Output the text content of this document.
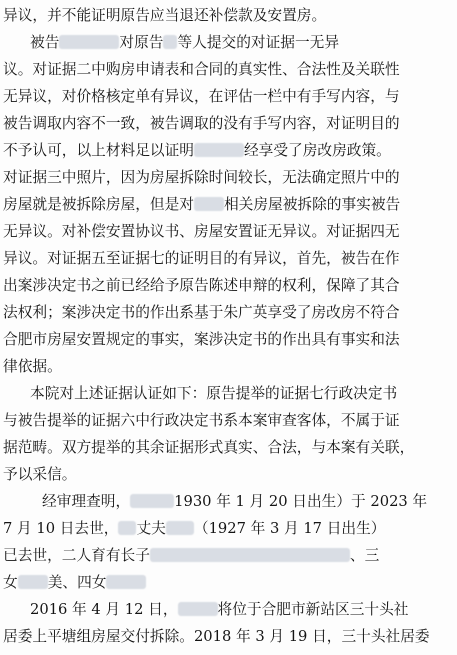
异议，并不能证明原告应当退还补偿款及安置房。
被告	对原告 等人提交的对证据一无异
议。对证据二中购房申请表和合同的真实性、合法性及关联性
无异议，对价格核定单有异议，在评估一栏中有手写内容，与
被告调取内容不一致，被告调取的没有手写内容，对证明目的
不予认可，以上材料足以证明	经享受了房改房政策。
对证据三中照片，因为房屋拆除时间较长，无法确定照片中的
房屋就是被拆除房屋，但是对 相关房屋被拆除的事实被告
无异议。对补偿安置协议书、房屋安置证无异议。对证据四无
异议。对证据五至证据七的证明目的有异议，首先，被告在作
出案涉决定书之前已经给予原告陈述申辩的权利，保障了其合
法权利；案涉决定书的作出系基于朱广英享受了房改房不符合
合肥市房屋安置规定的事实，案涉决定书的作出具有事实和法
律依据。
本院对上述证据认证如下：原告提举的证据七行政决定书
与被告提举的证据六中行政决定书系本案审查客体，不属于证
据范畴。双方提举的其余证据形式真实、合法，与本案有关联，
予以采信。
经审理查明，	1930 年 1 月 20 日出生）于 2023 年
7 月 10 日去世， 丈夫 （1927 年 3 月 17 日出生）
已去世，二人育有长子	、三
女 美、四女
2016 年 4 月 12 日，	将位于合肥市新站区三十头社
居委上平塘组房屋交付拆除。2018 年 3 月 19 日，三十头社居委
